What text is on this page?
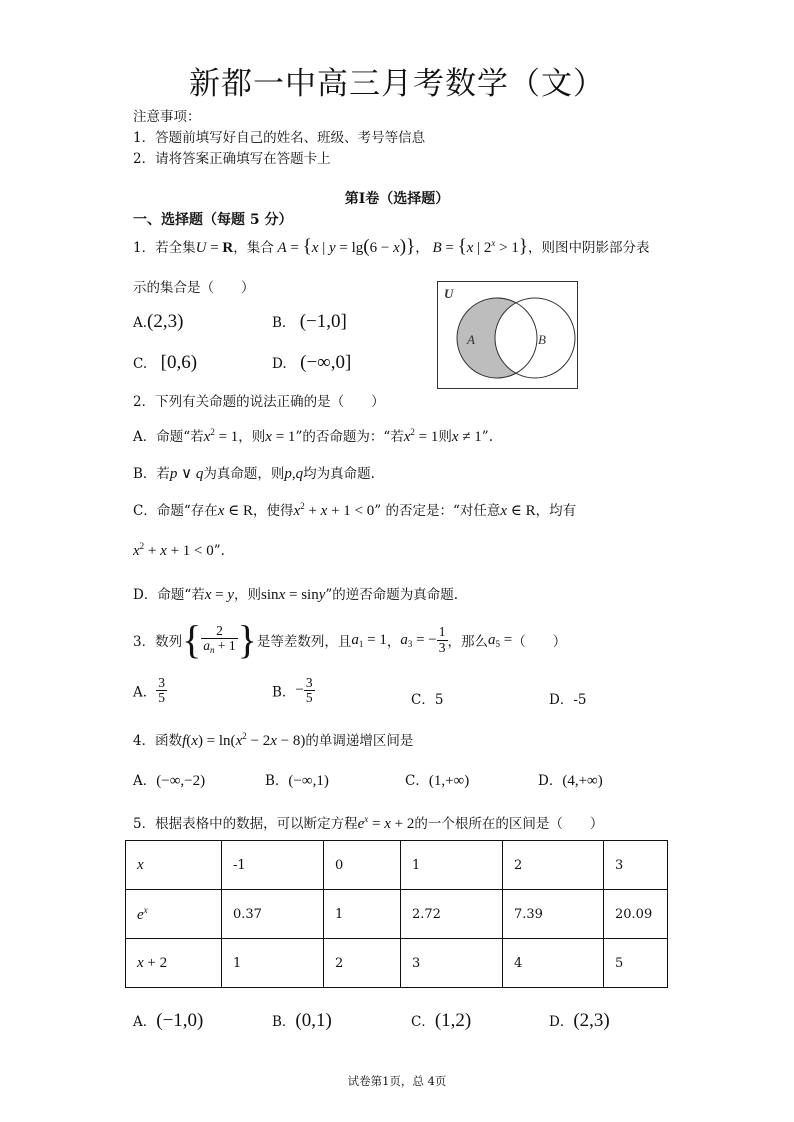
新都一中高三月考数学（文）
注意事项：
1．答题前填写好自己的姓名、班级、考号等信息
2．请将答案正确填写在答题卡上
第I卷（选择题）
一、选择题（每题 5 分）
1．若全集U = R，集合 A = {x | y = lg(6 − x)}， B = {x | $2^x > 1$}，则图中阴影部分表
示的集合是（　　）
A.(2,3)	B.　 (−1,0]
C.　 [0,6)	D.　 (−∞,0]
U
A	B
2．下列有关命题的说法正确的是（　　）
A．命题“若$x^2 = 1$，则x = 1”的否命题为：“若$x^2 = 1$则x ≠ 1”.
B．若p ∨ q为真命题，则p,q均为真命题.
C．命题“存在x ∈ R，使得$x^2 + x + 1 < 0$” 的否定是：“对任意x ∈ R，均有
$x^2 + x + 1 < 0$”.
D．命题“若x = y，则sinx = siny”的逆否命题为真命题.
3．数列{ $\frac{2}{a_n + 1}$ }是等差数列，且$a_1 = 1$，$a_3$ = − $\frac{1}{3}$ ，那么$a_5$ =（　　）
A． $\frac{3}{5}$	B．− $\frac{3}{5}$	C．5	D．-5
4．函数$f(x) = \ln(x^2 - 2x - 8)$的单调递增区间是
A．(−∞,−2)	B．(−∞,1)	C．(1,+∞)	D．(4,+∞)
5．根据表格中的数据，可以断定方程$e^x = x + 2$的一个根所在的区间是（　　）
x	-1	0	1	2	3
$e^x$	0.37	1	2.72	7.39	20.09
x + 2	1	2	3	4	5
A．(−1,0)	B．(0,1)	C．(1,2)	D．(2,3)
试卷第1页，总 4页
